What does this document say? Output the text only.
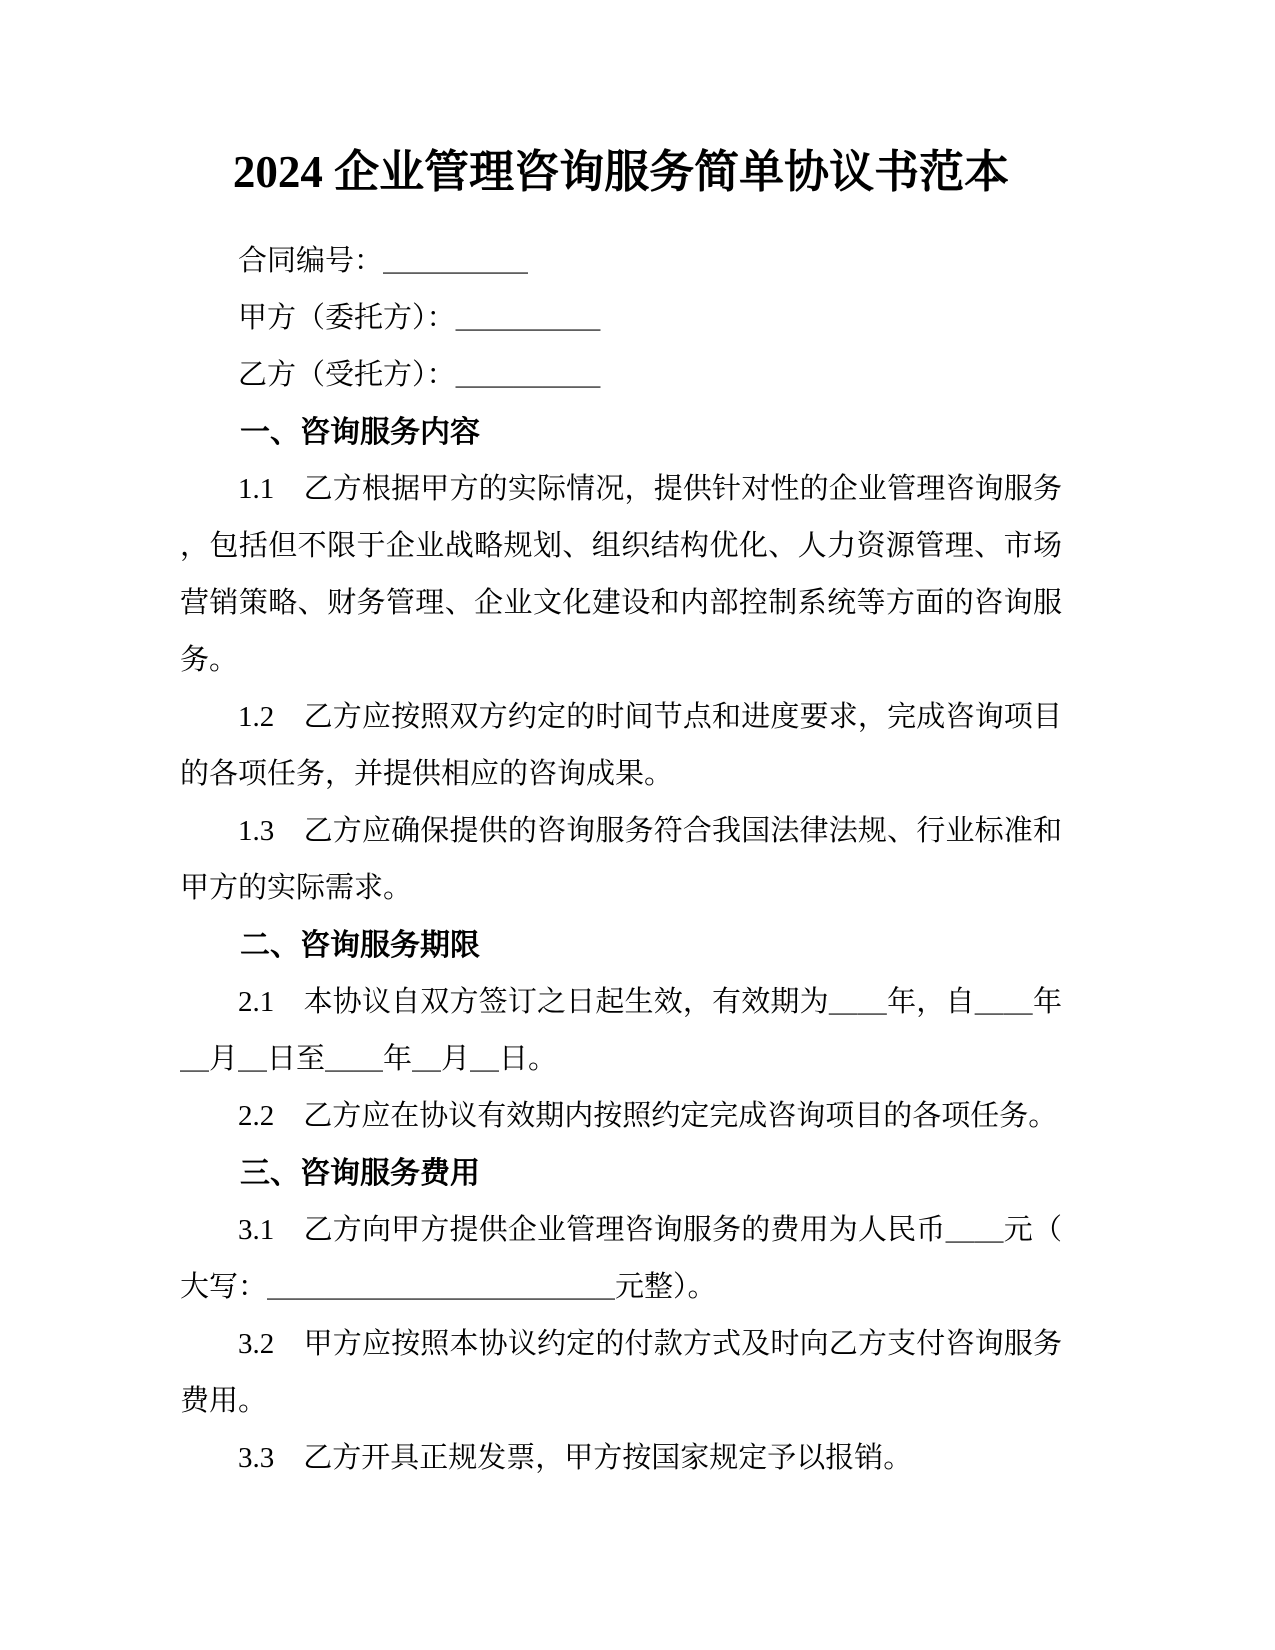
2024 企业管理咨询服务简单协议书范本

合同编号：＿＿＿＿＿

甲方（委托方）：＿＿＿＿＿

乙方（受托方）：＿＿＿＿＿

一、咨询服务内容

1.1　乙方根据甲方的实际情况，提供针对性的企业管理咨询服务，包括但不限于企业战略规划、组织结构优化、人力资源管理、市场营销策略、财务管理、企业文化建设和内部控制系统等方面的咨询服务。

1.2　乙方应按照双方约定的时间节点和进度要求，完成咨询项目的各项任务，并提供相应的咨询成果。

1.3　乙方应确保提供的咨询服务符合我国法律法规、行业标准和甲方的实际需求。

二、咨询服务期限

2.1　本协议自双方签订之日起生效，有效期为＿＿年，自＿＿年＿月＿日至＿＿年＿月＿日。

2.2　乙方应在协议有效期内按照约定完成咨询项目的各项任务。

三、咨询服务费用

3.1　乙方向甲方提供企业管理咨询服务的费用为人民币＿＿元（大写：＿＿＿＿＿＿＿＿＿＿＿＿元整）。

3.2　甲方应按照本协议约定的付款方式及时向乙方支付咨询服务费用。

3.3　乙方开具正规发票，甲方按国家规定予以报销。
